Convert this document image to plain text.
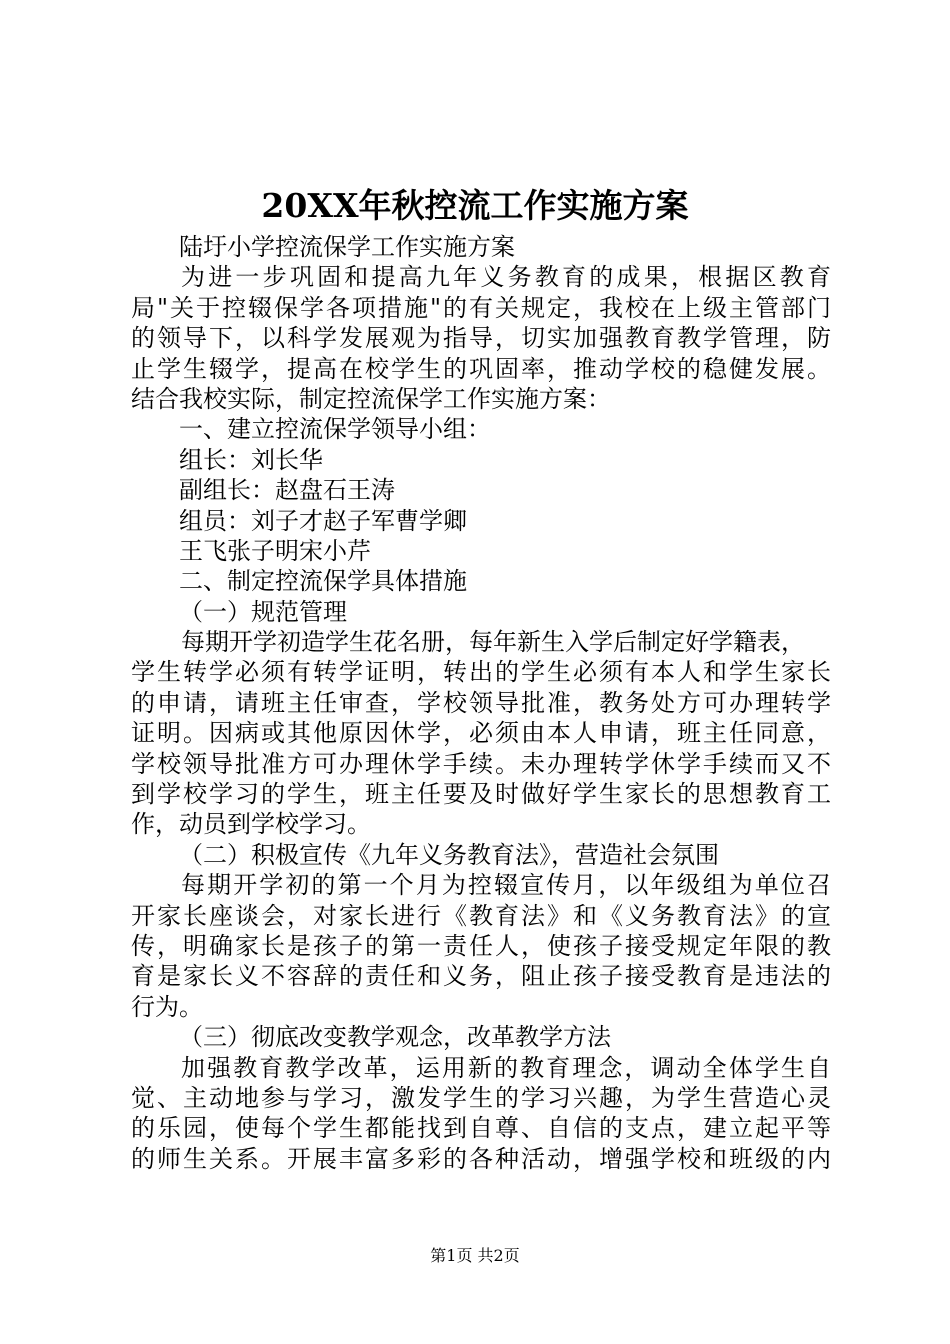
20XX年秋控流工作实施方案
陆圩小学控流保学工作实施方案
为进一步巩固和提高九年义务教育的成果，根据区教育
局"关于控辍保学各项措施"的有关规定，我校在上级主管部门
的领导下，以科学发展观为指导，切实加强教育教学管理，防
止学生辍学，提高在校学生的巩固率，推动学校的稳健发展。
结合我校实际，制定控流保学工作实施方案：
一、建立控流保学领导小组：
组长：刘长华
副组长：赵盘石王涛
组员：刘子才赵子军曹学卿
王飞张子明宋小芹
二、制定控流保学具体措施
（一）规范管理
每期开学初造学生花名册，每年新生入学后制定好学籍表，
学生转学必须有转学证明，转出的学生必须有本人和学生家长
的申请，请班主任审查，学校领导批准，教务处方可办理转学
证明。因病或其他原因休学，必须由本人申请，班主任同意，
学校领导批准方可办理休学手续。未办理转学休学手续而又不
到学校学习的学生，班主任要及时做好学生家长的思想教育工
作，动员到学校学习。
（二）积极宣传《九年义务教育法》，营造社会氛围
每期开学初的第一个月为控辍宣传月，以年级组为单位召
开家长座谈会，对家长进行《教育法》和《义务教育法》的宣
传，明确家长是孩子的第一责任人，使孩子接受规定年限的教
育是家长义不容辞的责任和义务，阻止孩子接受教育是违法的
行为。
（三）彻底改变教学观念，改革教学方法
加强教育教学改革，运用新的教育理念，调动全体学生自
觉、主动地参与学习，激发学生的学习兴趣，为学生营造心灵
的乐园，使每个学生都能找到自尊、自信的支点，建立起平等
的师生关系。开展丰富多彩的各种活动，增强学校和班级的内
第1页 共2页
